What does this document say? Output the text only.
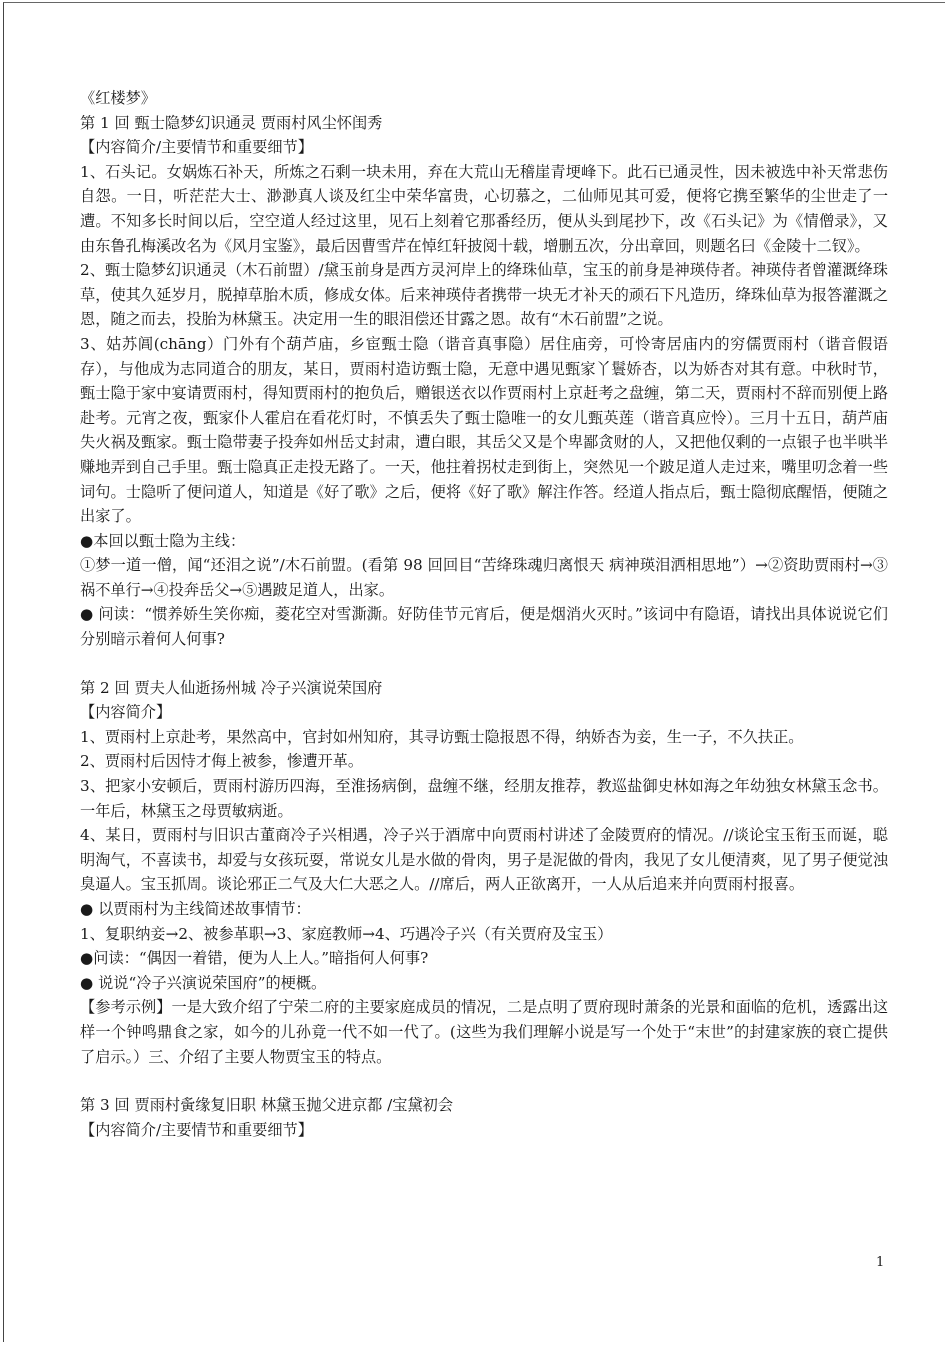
《红楼梦》

第 1 回 甄士隐梦幻识通灵 贾雨村风尘怀闺秀

【内容简介/主要情节和重要细节】

1、石头记。女娲炼石补天，所炼之石剩一块未用，弃在大荒山无稽崖青埂峰下。此石已通灵性，因未被选中补天常悲伤自怨。一日，听茫茫大士、渺渺真人谈及红尘中荣华富贵，心切慕之，二仙师见其可爱，便将它携至繁华的尘世走了一遭。不知多长时间以后，空空道人经过这里，见石上刻着它那番经历，便从头到尾抄下，改《石头记》为《情僧录》，又由东鲁孔梅溪改名为《风月宝鉴》，最后因曹雪芹在悼红轩披阅十载，增删五次，分出章回，则题名曰《金陵十二钗》。

2、甄士隐梦幻识通灵（木石前盟）/黛玉前身是西方灵河岸上的绛珠仙草，宝玉的前身是神瑛侍者。神瑛侍者曾灌溉绛珠草，使其久延岁月，脱掉草胎木质，修成女体。后来神瑛侍者携带一块无才补天的顽石下凡造历，绛珠仙草为报答灌溉之恩，随之而去，投胎为林黛玉。决定用一生的眼泪偿还甘露之恩。故有“木石前盟”之说。

3、姑苏阊(chāng）门外有个葫芦庙，乡宦甄士隐（谐音真事隐）居住庙旁，可怜寄居庙内的穷儒贾雨村（谐音假语存），与他成为志同道合的朋友，某日，贾雨村造访甄士隐，无意中遇见甄家丫鬟娇杏，以为娇杏对其有意。中秋时节，甄士隐于家中宴请贾雨村，得知贾雨村的抱负后，赠银送衣以作贾雨村上京赶考之盘缠，第二天，贾雨村不辞而别便上路赴考。元宵之夜，甄家仆人霍启在看花灯时，不慎丢失了甄士隐唯一的女儿甄英莲（谐音真应怜）。三月十五日，葫芦庙失火祸及甄家。甄士隐带妻子投奔如州岳丈封肃，遭白眼，其岳父又是个卑鄙贪财的人，又把他仅剩的一点银子也半哄半赚地弄到自己手里。甄士隐真正走投无路了。一天，他拄着拐杖走到街上，突然见一个跛足道人走过来，嘴里叨念着一些词句。士隐听了便问道人，知道是《好了歌》之后，便将《好了歌》解注作答。经道人指点后，甄士隐彻底醒悟，便随之出家了。

●本回以甄士隐为主线：

①梦一道一僧，闻“还泪之说”/木石前盟。(看第 98 回回目“苦绛珠魂归离恨天 病神瑛泪洒相思地”）→②资助贾雨村→③祸不单行→④投奔岳父→⑤遇跛足道人，出家。

● 问读：“惯养娇生笑你痴，菱花空对雪澌澌。好防佳节元宵后，便是烟消火灭时。”该词中有隐语，请找出具体说说它们分别暗示着何人何事?

第 2 回 贾夫人仙逝扬州城 冷子兴演说荣国府

【内容简介】

1、贾雨村上京赴考，果然高中，官封如州知府，其寻访甄士隐报恩不得，纳娇杏为妾，生一子，不久扶正。

2、贾雨村后因恃才侮上被参，惨遭开革。

3、把家小安顿后，贾雨村游历四海，至淮扬病倒，盘缠不继，经朋友推荐，教巡盐御史林如海之年幼独女林黛玉念书。一年后，林黛玉之母贾敏病逝。

4、某日，贾雨村与旧识古董商冷子兴相遇，冷子兴于酒席中向贾雨村讲述了金陵贾府的情况。//谈论宝玉衔玉而诞，聪明淘气，不喜读书，却爱与女孩玩耍，常说女儿是水做的骨肉，男子是泥做的骨肉，我见了女儿便清爽，见了男子便觉浊臭逼人。宝玉抓周。谈论邪正二气及大仁大恶之人。//席后，两人正欲离开，一人从后追来并向贾雨村报喜。

● 以贾雨村为主线简述故事情节：

1、复职纳妾→2、被参革职→3、家庭教师→4、巧遇冷子兴（有关贾府及宝玉）

●问读：“偶因一着错，便为人上人。”暗指何人何事?

● 说说“冷子兴演说荣国府”的梗概。

【参考示例】一是大致介绍了宁荣二府的主要家庭成员的情况，二是点明了贾府现时萧条的光景和面临的危机，透露出这样一个钟鸣鼎食之家，如今的儿孙竟一代不如一代了。(这些为我们理解小说是写一个处于“末世”的封建家族的衰亡提供了启示。）三、介绍了主要人物贾宝玉的特点。

第 3 回 贾雨村夤缘复旧职 林黛玉抛父进京都 /宝黛初会

【内容简介/主要情节和重要细节】

1
